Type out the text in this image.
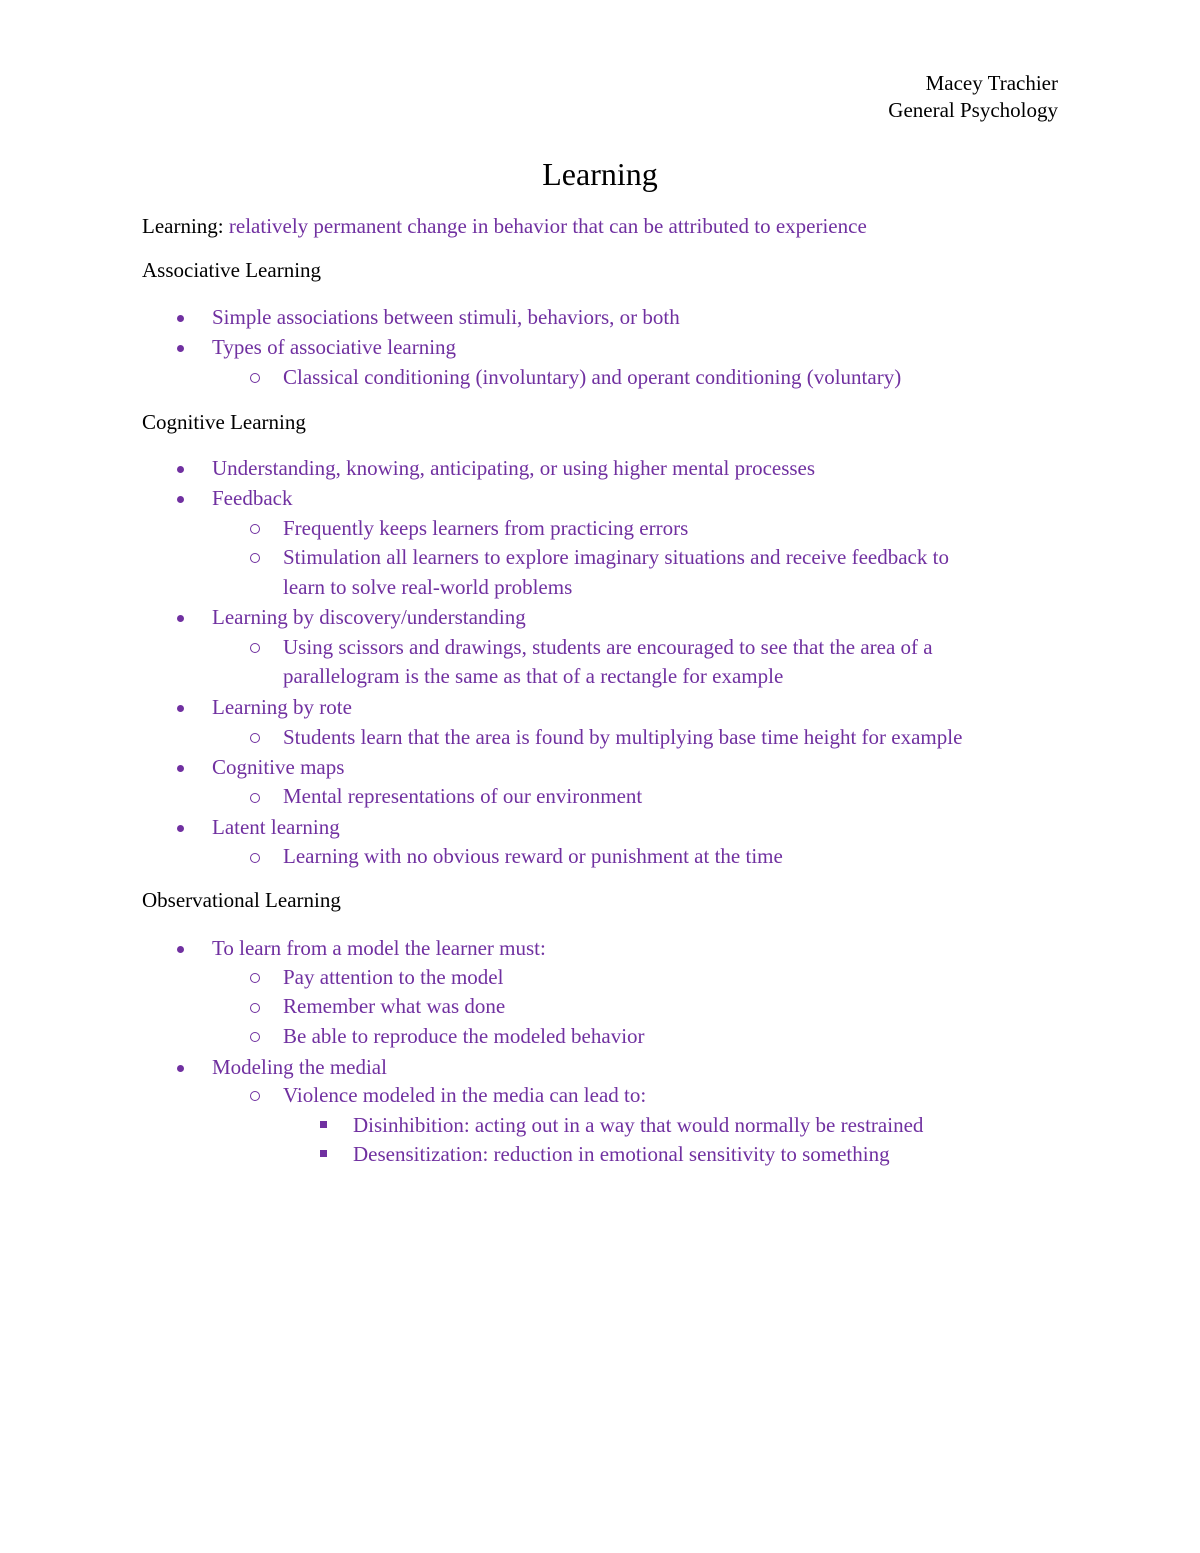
Macey Trachier
General Psychology
Learning
Learning: relatively permanent change in behavior that can be attributed to experience
Associative Learning
Simple associations between stimuli, behaviors, or both
Types of associative learning
Classical conditioning (involuntary) and operant conditioning (voluntary)
Cognitive Learning
Understanding, knowing, anticipating, or using higher mental processes
Feedback
Frequently keeps learners from practicing errors
Stimulation all learners to explore imaginary situations and receive feedback to
learn to solve real-world problems
Learning by discovery/understanding
Using scissors and drawings, students are encouraged to see that the area of a
parallelogram is the same as that of a rectangle for example
Learning by rote
Students learn that the area is found by multiplying base time height for example
Cognitive maps
Mental representations of our environment
Latent learning
Learning with no obvious reward or punishment at the time
Observational Learning
To learn from a model the learner must:
Pay attention to the model
Remember what was done
Be able to reproduce the modeled behavior
Modeling the medial
Violence modeled in the media can lead to:
Disinhibition: acting out in a way that would normally be restrained
Desensitization: reduction in emotional sensitivity to something
